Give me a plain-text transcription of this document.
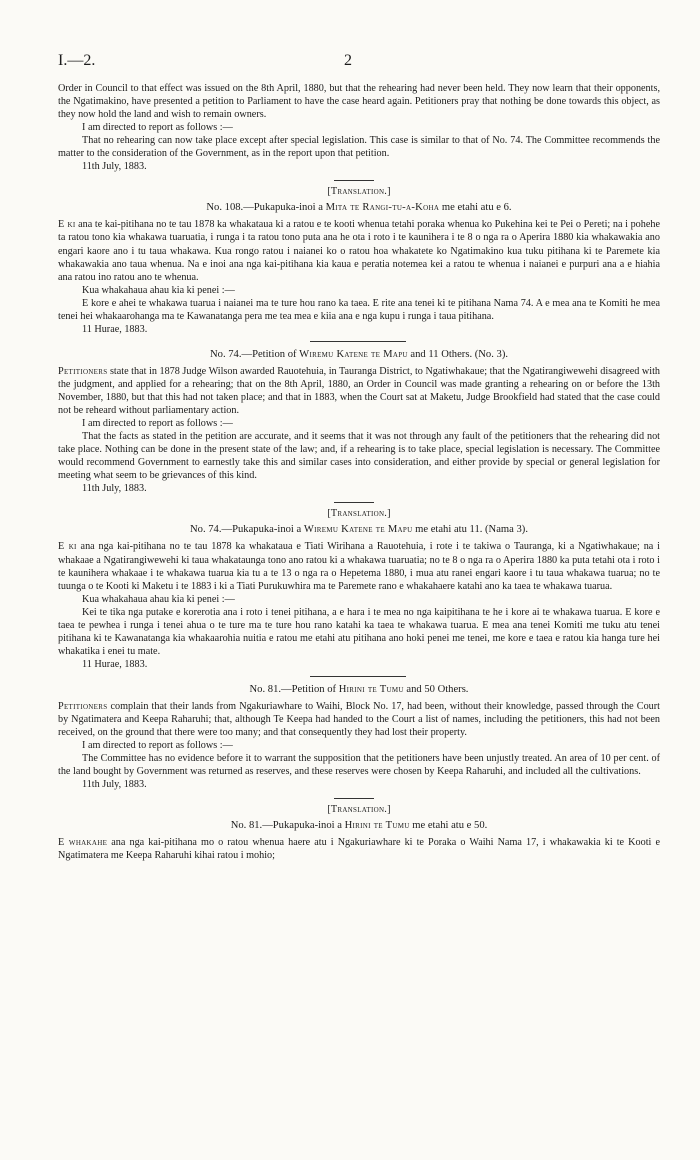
I.—2.	2

Order in Council to that effect was issued on the 8th April, 1880, but that the rehearing had never been held. They now learn that their opponents, the Ngatimakino, have presented a petition to Parliament to have the case heard again. Petitioners pray that nothing be done towards this object, as they now hold the land and wish to remain owners.

I am directed to report as follows :—

That no rehearing can now take place except after special legislation. This case is similar to that of No. 74. The Committee recommends the matter to the consideration of the Government, as in the report upon that petition.

11th July, 1883.

[Translation.]

No. 108.—Pukapuka-inoi a Mita te Rangi-tu-a-Koha me etahi atu e 6.

E ki ana te kai-pitihana no te tau 1878 ka whakataua ki a ratou e te kooti whenua tetahi poraka whenua ko Pukehina kei te Pei o Pereti; na i pohehe ta ratou tono kia whakawa tuaruatia, i runga i ta ratou tono puta ana he ota i roto i te kaunihera i te 8 o nga ra o Aperira 1880 kia whakawakia ano engari kaore ano i tu taua whakawa. Kua rongo ratou i naianei ko o ratou hoa whakatete ko Ngatimakino kua tuku pitihana ki te Paremete kia whakawakia ano taua whenua. Na e inoi ana nga kai-pitihana kia kaua e peratia notemea kei a ratou te whenua i naianei e purpuri ana a e hiahia ana ratou ino ratou ano te whenua.

Kua whakahaua ahau kia ki penei :—

E kore e ahei te whakawa tuarua i naianei ma te ture hou rano ka taea. E rite ana tenei ki te pitihana Nama 74. A e mea ana te Komiti he mea tenei hei whakaarohanga ma te Kawanatanga pera me tea mea e kiia ana e nga kupu i runga i taua pitihana.

11 Hurae, 1883.

No. 74.—Petition of Wiremu Katene te Mapu and 11 Others. (No. 3).

Petitioners state that in 1878 Judge Wilson awarded Rauotehuia, in Tauranga District, to Ngatiwhakaue; that the Ngatirangiwewehi disagreed with the judgment, and applied for a rehearing; that on the 8th April, 1880, an Order in Council was made granting a rehearing on or before the 13th November, 1880, but that this had not taken place; and that in 1883, when the Court sat at Maketu, Judge Brookfield had stated that the case could not be reheard without parliamentary action.

I am directed to report as follows :—

That the facts as stated in the petition are accurate, and it seems that it was not through any fault of the petitioners that the rehearing did not take place. Nothing can be done in the present state of the law; and, if a rehearing is to take place, special legislation is necessary. The Committee would recommend Government to earnestly take this and similar cases into consideration, and either provide by special or general legislation for meeting what seem to be grievances of this kind.

11th July, 1883.

[Translation.]

No. 74.—Pukapuka-inoi a Wiremu Katene te Mapu me etahi atu 11. (Nama 3).

E ki ana nga kai-pitihana no te tau 1878 ka whakataua e Tiati Wirihana a Rauotehuia, i rote i te takiwa o Tauranga, ki a Ngatiwhakaue; na i whakaae a Ngatirangiwewehi ki taua whakataunga tono ano ratou ki a whakawa tuaruatia; no te 8 o nga ra o Aperira 1880 ka puta tetahi ota i roto i te kaunihera whakaae i te whakawa tuarua kia tu a te 13 o nga ra o Hepetema 1880, i mua atu ranei engari kaore i tu taua whakawa tuarua; no te tuunga o te Kooti ki Maketu i te 1883 i ki a Tiati Purukuwhira ma te Paremete rano e whakahaere katahi ano ka taea te whakawa tuarua.

Kua whakahaua ahau kia ki penei :—

Kei te tika nga putake e korerotia ana i roto i tenei pitihana, a e hara i te mea no nga kaipitihana te he i kore ai te whakawa tuarua. E kore e taea te pewhea i runga i tenei ahua o te ture ma te ture hou rano katahi ka taea te whakawa tuarua. E mea ana tenei Komiti me tuku atu tenei pitihana ki te Kawanatanga kia whakaarohia nuitia e ratou me etahi atu pitihana ano hoki penei me tenei, me kore e taea e ratou kia hanga ture hei whakatika i enei tu mate.

11 Hurae, 1883.

No. 81.—Petition of Hirini te Tumu and 50 Others.

Petitioners complain that their lands from Ngakuriawhare to Waihi, Block No. 17, had been, without their knowledge, passed through the Court by Ngatimatera and Keepa Raharuhi; that, although Te Keepa had handed to the Court a list of names, including the petitioners, this had not been received, on the ground that there were too many; and that consequently they had lost their property.

I am directed to report as follows :—

The Committee has no evidence before it to warrant the supposition that the petitioners have been unjustly treated. An area of 10 per cent. of the land bought by Government was returned as reserves, and these reserves were chosen by Keepa Raharuhi, and included all the cultivations.

11th July, 1883.

[Translation.]

No. 81.—Pukapuka-inoi a Hirini te Tumu me etahi atu e 50.

E whakahe ana nga kai-pitihana mo o ratou whenua haere atu i Ngakuriawhare ki te Poraka o Waihi Nama 17, i whakawakia ki te Kooti e Ngatimatera me Keepa Raharuhi kihai ratou i mohio;
